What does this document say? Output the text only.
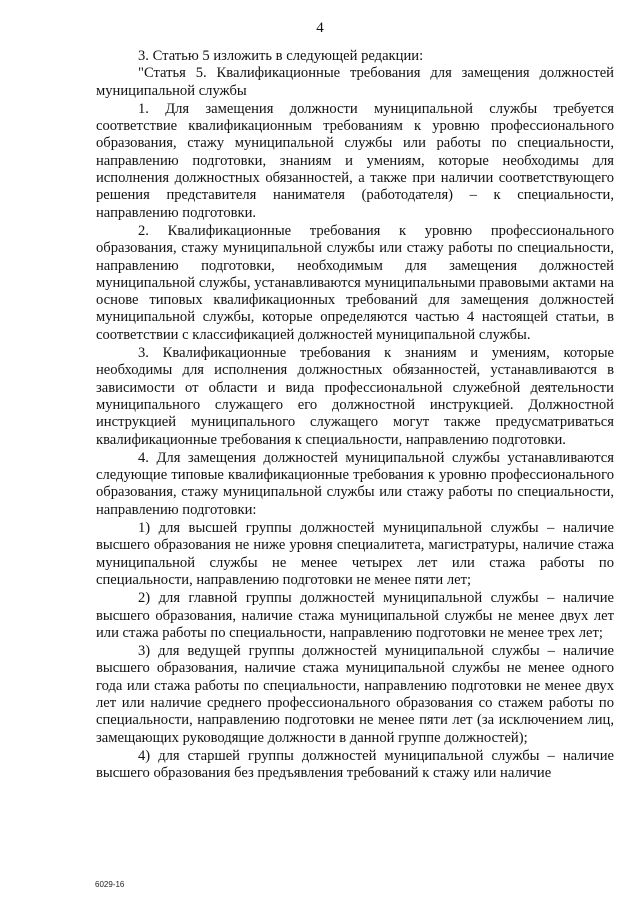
4

3. Статью 5 изложить в следующей редакции:

"Статья 5. Квалификационные требования для замещения должностей муниципальной службы

1. Для замещения должности муниципальной службы требуется соответствие квалификационным требованиям к уровню профессионального образования, стажу муниципальной службы или работы по специальности, направлению подготовки, знаниям и умениям, которые необходимы для исполнения должностных обязанностей, а также при наличии соответствующего решения представителя нанимателя (работодателя) – к специальности, направлению подготовки.

2. Квалификационные требования к уровню профессионального образования, стажу муниципальной службы или стажу работы по специальности, направлению подготовки, необходимым для замещения должностей муниципальной службы, устанавливаются муниципальными правовыми актами на основе типовых квалификационных требований для замещения должностей муниципальной службы, которые определяются частью 4 настоящей статьи, в соответствии с классификацией должностей муниципальной службы.

3. Квалификационные требования к знаниям и умениям, которые необходимы для исполнения должностных обязанностей, устанавливаются в зависимости от области и вида профессиональной служебной деятельности муниципального служащего его должностной инструкцией. Должностной инструкцией муниципального служащего могут также предусматриваться квалификационные требования к специальности, направлению подготовки.

4. Для замещения должностей муниципальной службы устанавливаются следующие типовые квалификационные требования к уровню профессионального образования, стажу муниципальной службы или стажу работы по специальности, направлению подготовки:

1) для высшей группы должностей муниципальной службы – наличие высшего образования не ниже уровня специалитета, магистратуры, наличие стажа муниципальной службы не менее четырех лет или стажа работы по специальности, направлению подготовки не менее пяти лет;

2) для главной группы должностей муниципальной службы – наличие высшего образования, наличие стажа муниципальной службы не менее двух лет или стажа работы по специальности, направлению подготовки не менее трех лет;

3) для ведущей группы должностей муниципальной службы – наличие высшего образования, наличие стажа муниципальной службы не менее одного года или стажа работы по специальности, направлению подготовки не менее двух лет или наличие среднего профессионального образования со стажем работы по специальности, направлению подготовки не менее пяти лет (за исключением лиц, замещающих руководящие должности в данной группе должностей);

4) для старшей группы должностей муниципальной службы – наличие высшего образования без предъявления требований к стажу или наличие

6029-16
